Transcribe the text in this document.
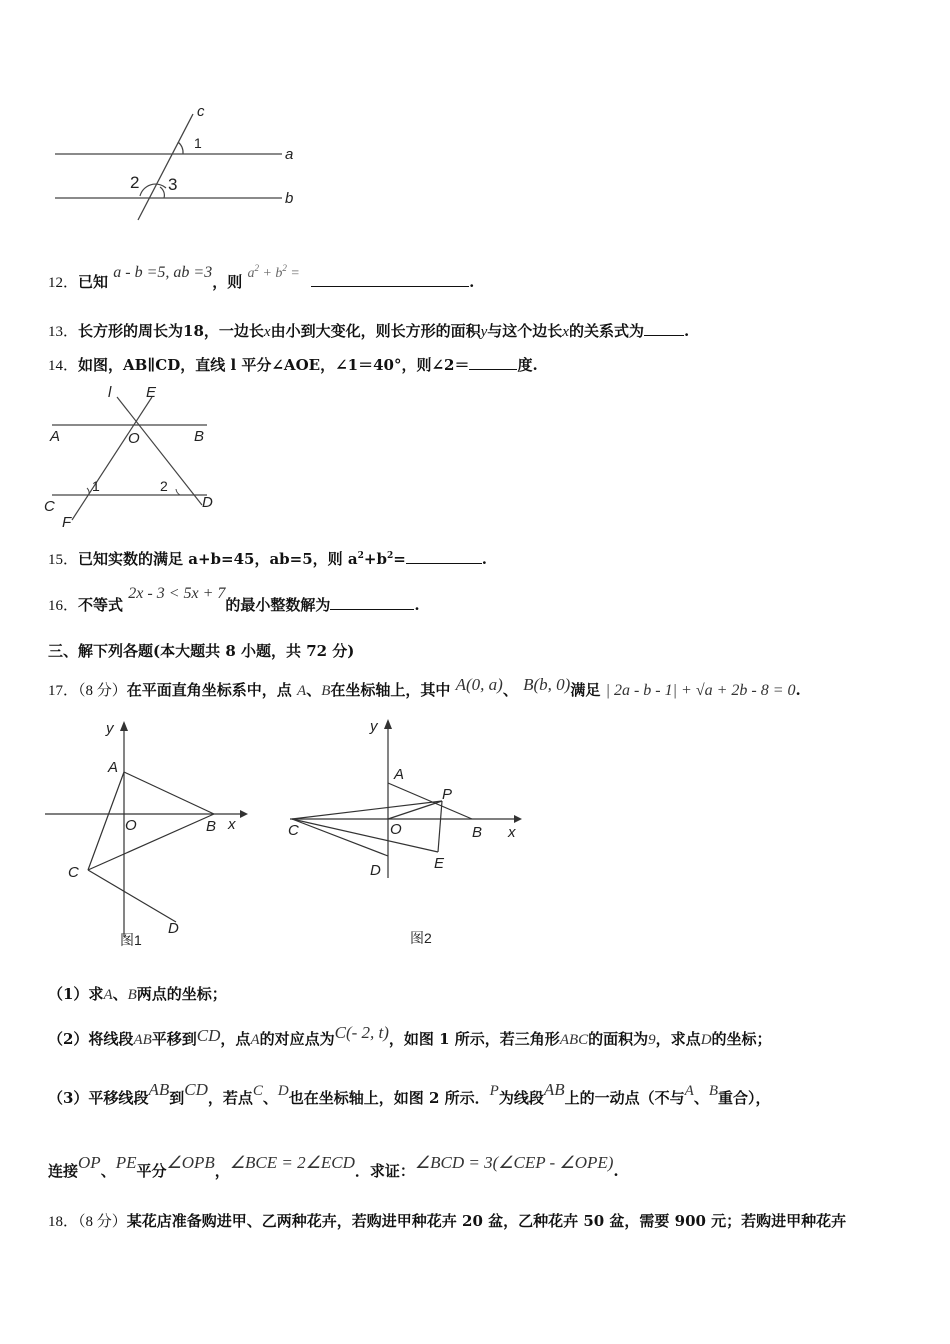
c
1
a
2 3
b
12．已知 a - b =5, ab =3，则 $a^2 + b^2$ =	.
13．长方形的周长为18，一边长x由小到大变化，则长方形的面积y与这个边长x的关系式为	.
14．如图，AB∥CD，直线 l 平分∠AOE，∠1＝40°，则∠2＝	度.
l E
A	O	B
C
1	2
D
F
15．已知实数的满足 a+b=45，ab=5，则 $a^2+b^2=$	.
16．不等式 2x - 3 < 5x + 7的最小整数解为	.
三、解下列各题(本大题共 8 小题，共 72 分)
17．（8 分）在平面直角坐标系中，点 A、B在坐标轴上，其中 A(0, a)、 B(b, 0)满足 | 2a - b - 1| + √a + 2b - 8 = 0.
y
A
O	B x
C
D
图1
y
A
P
C	O	B x
D	E
图2
（1）求A、B两点的坐标；
（2）将线段AB平移到CD，点A的对应点为C(- 2, t)，如图 1 所示，若三角形ABC的面积为9，求点D的坐标；
（3）平移线段AB到CD，若点C、D也在坐标轴上，如图 2 所示．P为线段AB上的一动点（不与A、B重合），
连接OP、PE平分∠OPB，∠BCE = 2∠ECD．求证：∠BCD = 3(∠CEP - ∠OPE).
18．（8 分）某花店准备购进甲、乙两种花卉，若购进甲种花卉 20 盆，乙种花卉 50 盆，需要 900 元；若购进甲种花卉
